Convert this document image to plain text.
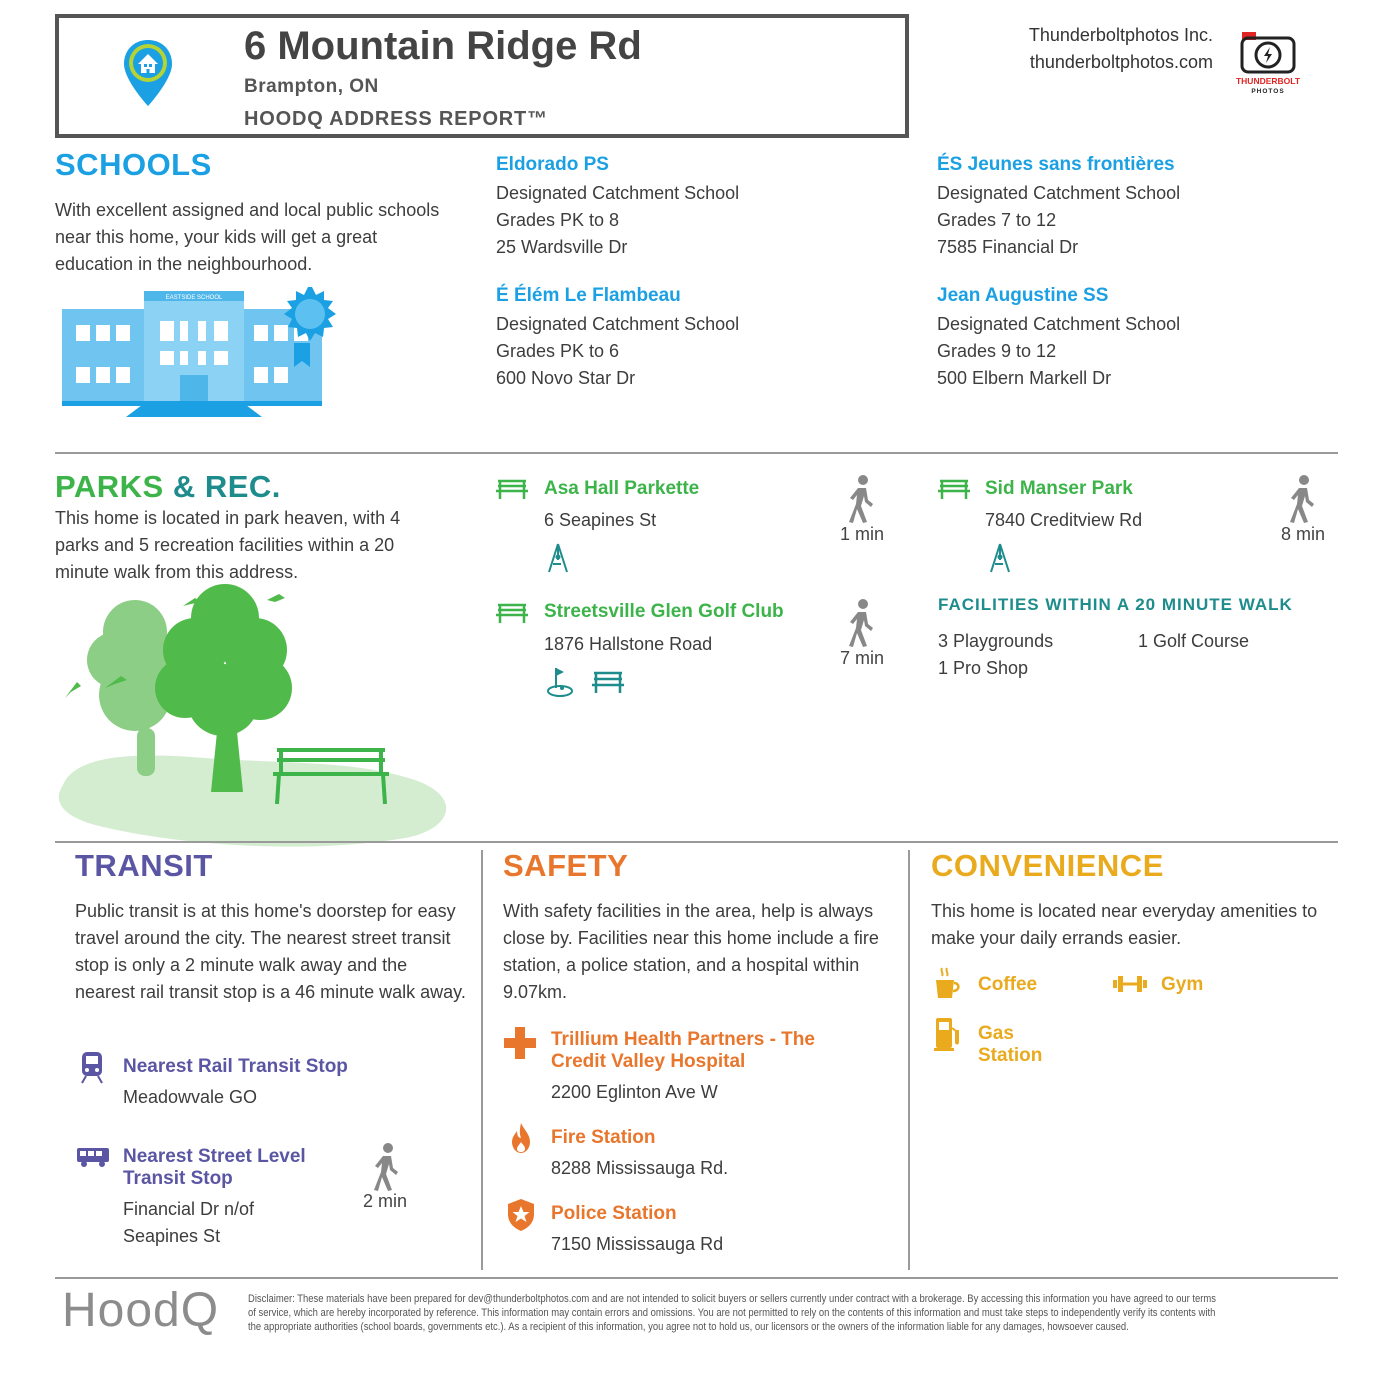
6 Mountain Ridge Rd
Brampton, ON
HOODQ ADDRESS REPORT™
Thunderboltphotos Inc.
thunderboltphotos.com
THUNDERBOLT
PHOTOS
SCHOOLS
With excellent assigned and local public schools near this home, your kids will get a great education in the neighbourhood.
EASTSIDE SCHOOL
Eldorado PS
Designated Catchment School
Grades PK to 8
25 Wardsville Dr
ÉS Jeunes sans frontières
Designated Catchment School
Grades 7 to 12
7585 Financial Dr
É Élém Le Flambeau
Designated Catchment School
Grades PK to 6
600 Novo Star Dr
Jean Augustine SS
Designated Catchment School
Grades 9 to 12
500 Elbern Markell Dr
PARKS & REC.
This home is located in park heaven, with 4 parks and 5 recreation facilities within a 20 minute walk from this address.
Asa Hall Parkette
6 Seapines St
1 min
Sid Manser Park
7840 Creditview Rd
8 min
Streetsville Glen Golf Club
1876 Hallstone Road
7 min
FACILITIES WITHIN A 20 MINUTE WALK
3 Playgrounds	1 Golf Course
1 Pro Shop
TRANSIT
Public transit is at this home's doorstep for easy travel around the city. The nearest street transit stop is only a 2 minute walk away and the nearest rail transit stop is a 46 minute walk away.
Nearest Rail Transit Stop
Meadowvale GO
Nearest Street Level
Transit Stop
Financial Dr n/of
Seapines St
2 min
SAFETY
With safety facilities in the area, help is always close by. Facilities near this home include a fire station, a police station, and a hospital within 9.07km.
Trillium Health Partners - The
Credit Valley Hospital
2200 Eglinton Ave W
Fire Station
8288 Mississauga Rd.
Police Station
7150 Mississauga Rd
CONVENIENCE
This home is located near everyday amenities to make your daily errands easier.
Coffee	Gym
Gas
Station
HoodQ	Disclaimer: These materials have been prepared for dev@thunderboltphotos.com and are not intended to solicit buyers or sellers currently under contract with a brokerage. By accessing this information you have agreed to our terms
of service, which are hereby incorporated by reference. This information may contain errors and omissions. You are not permitted to rely on the contents of this information and must take steps to independently verify its contents with
the appropriate authorities (school boards, governments etc.). As a recipient of this information, you agree not to hold us, our licensors or the owners of the information liable for any damages, howsoever caused.
